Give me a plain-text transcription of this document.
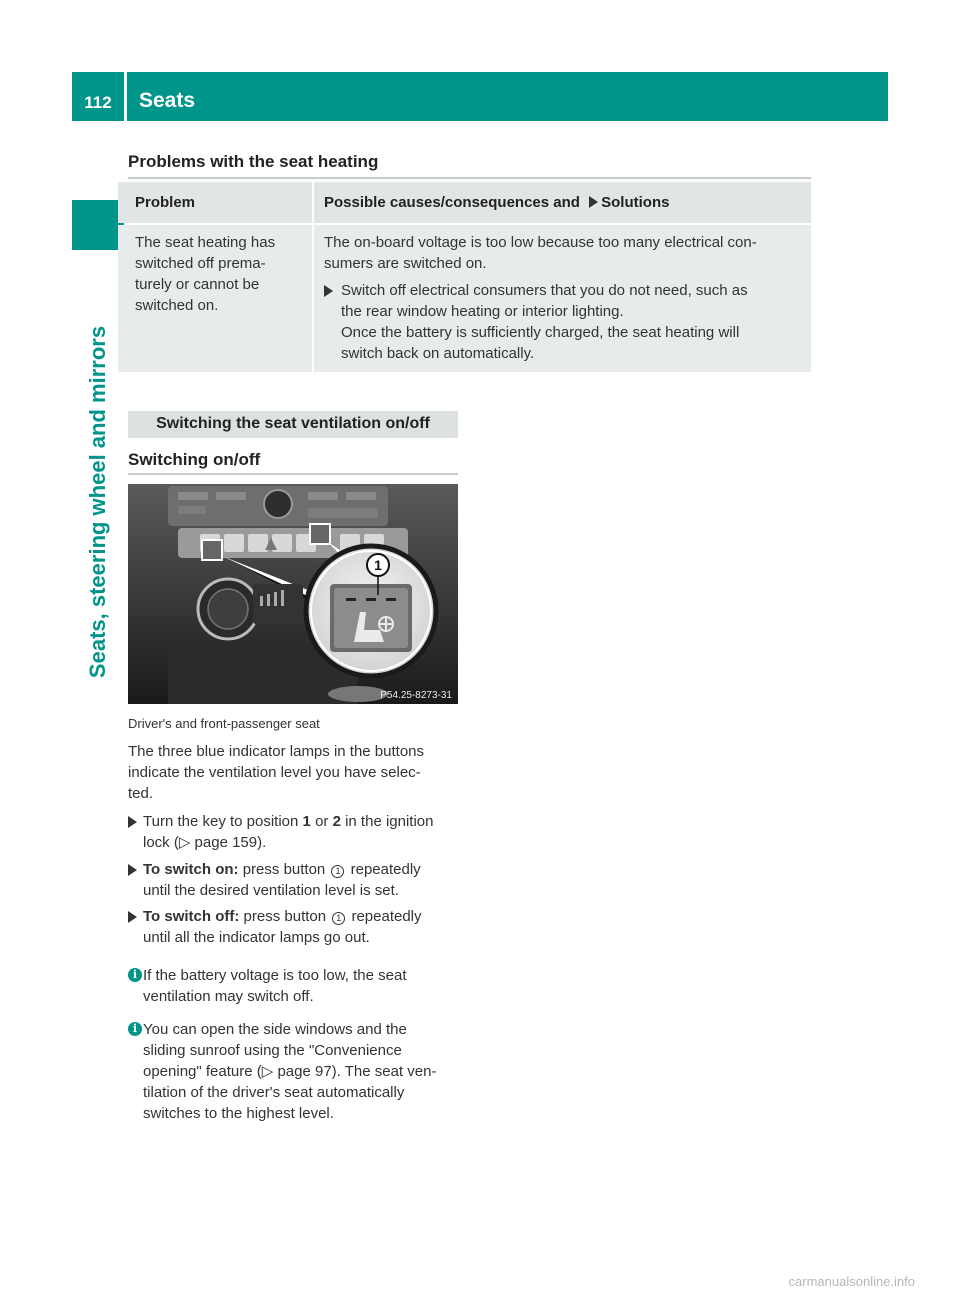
112	Seats
Seats, steering wheel and mirrors
Problems with the seat heating
Problem	Possible causes/consequences and Solutions

The seat heating has

switched off prema-

turely or cannot be

switched on.

The on-board voltage is too low because too many electrical con-

sumers are switched on.

Switch off electrical consumers that you do not need, such as

the rear window heating or interior lighting.

Once the battery is sufficiently charged, the seat heating will

switch back on automatically.

Switching the seat ventilation on/off
Switching on/off
1
P54.25-8273-31
Driver's and front-passenger seat

The three blue indicator lamps in the buttons

indicate the ventilation level you have selec-

ted.

Turn the key to position 1 or 2 in the ignition

lock (▷ page 159).

To switch on: press button 1 repeatedly

until the desired ventilation level is set.

To switch off: press button 1 repeatedly

until all the indicator lamps go out.

i If the battery voltage is too low, the seat

ventilation may switch off.

i You can open the side windows and the

sliding sunroof using the "Convenience

opening" feature (▷ page 97). The seat ven-

tilation of the driver's seat automatically

switches to the highest level.

carmanualsonline.info
